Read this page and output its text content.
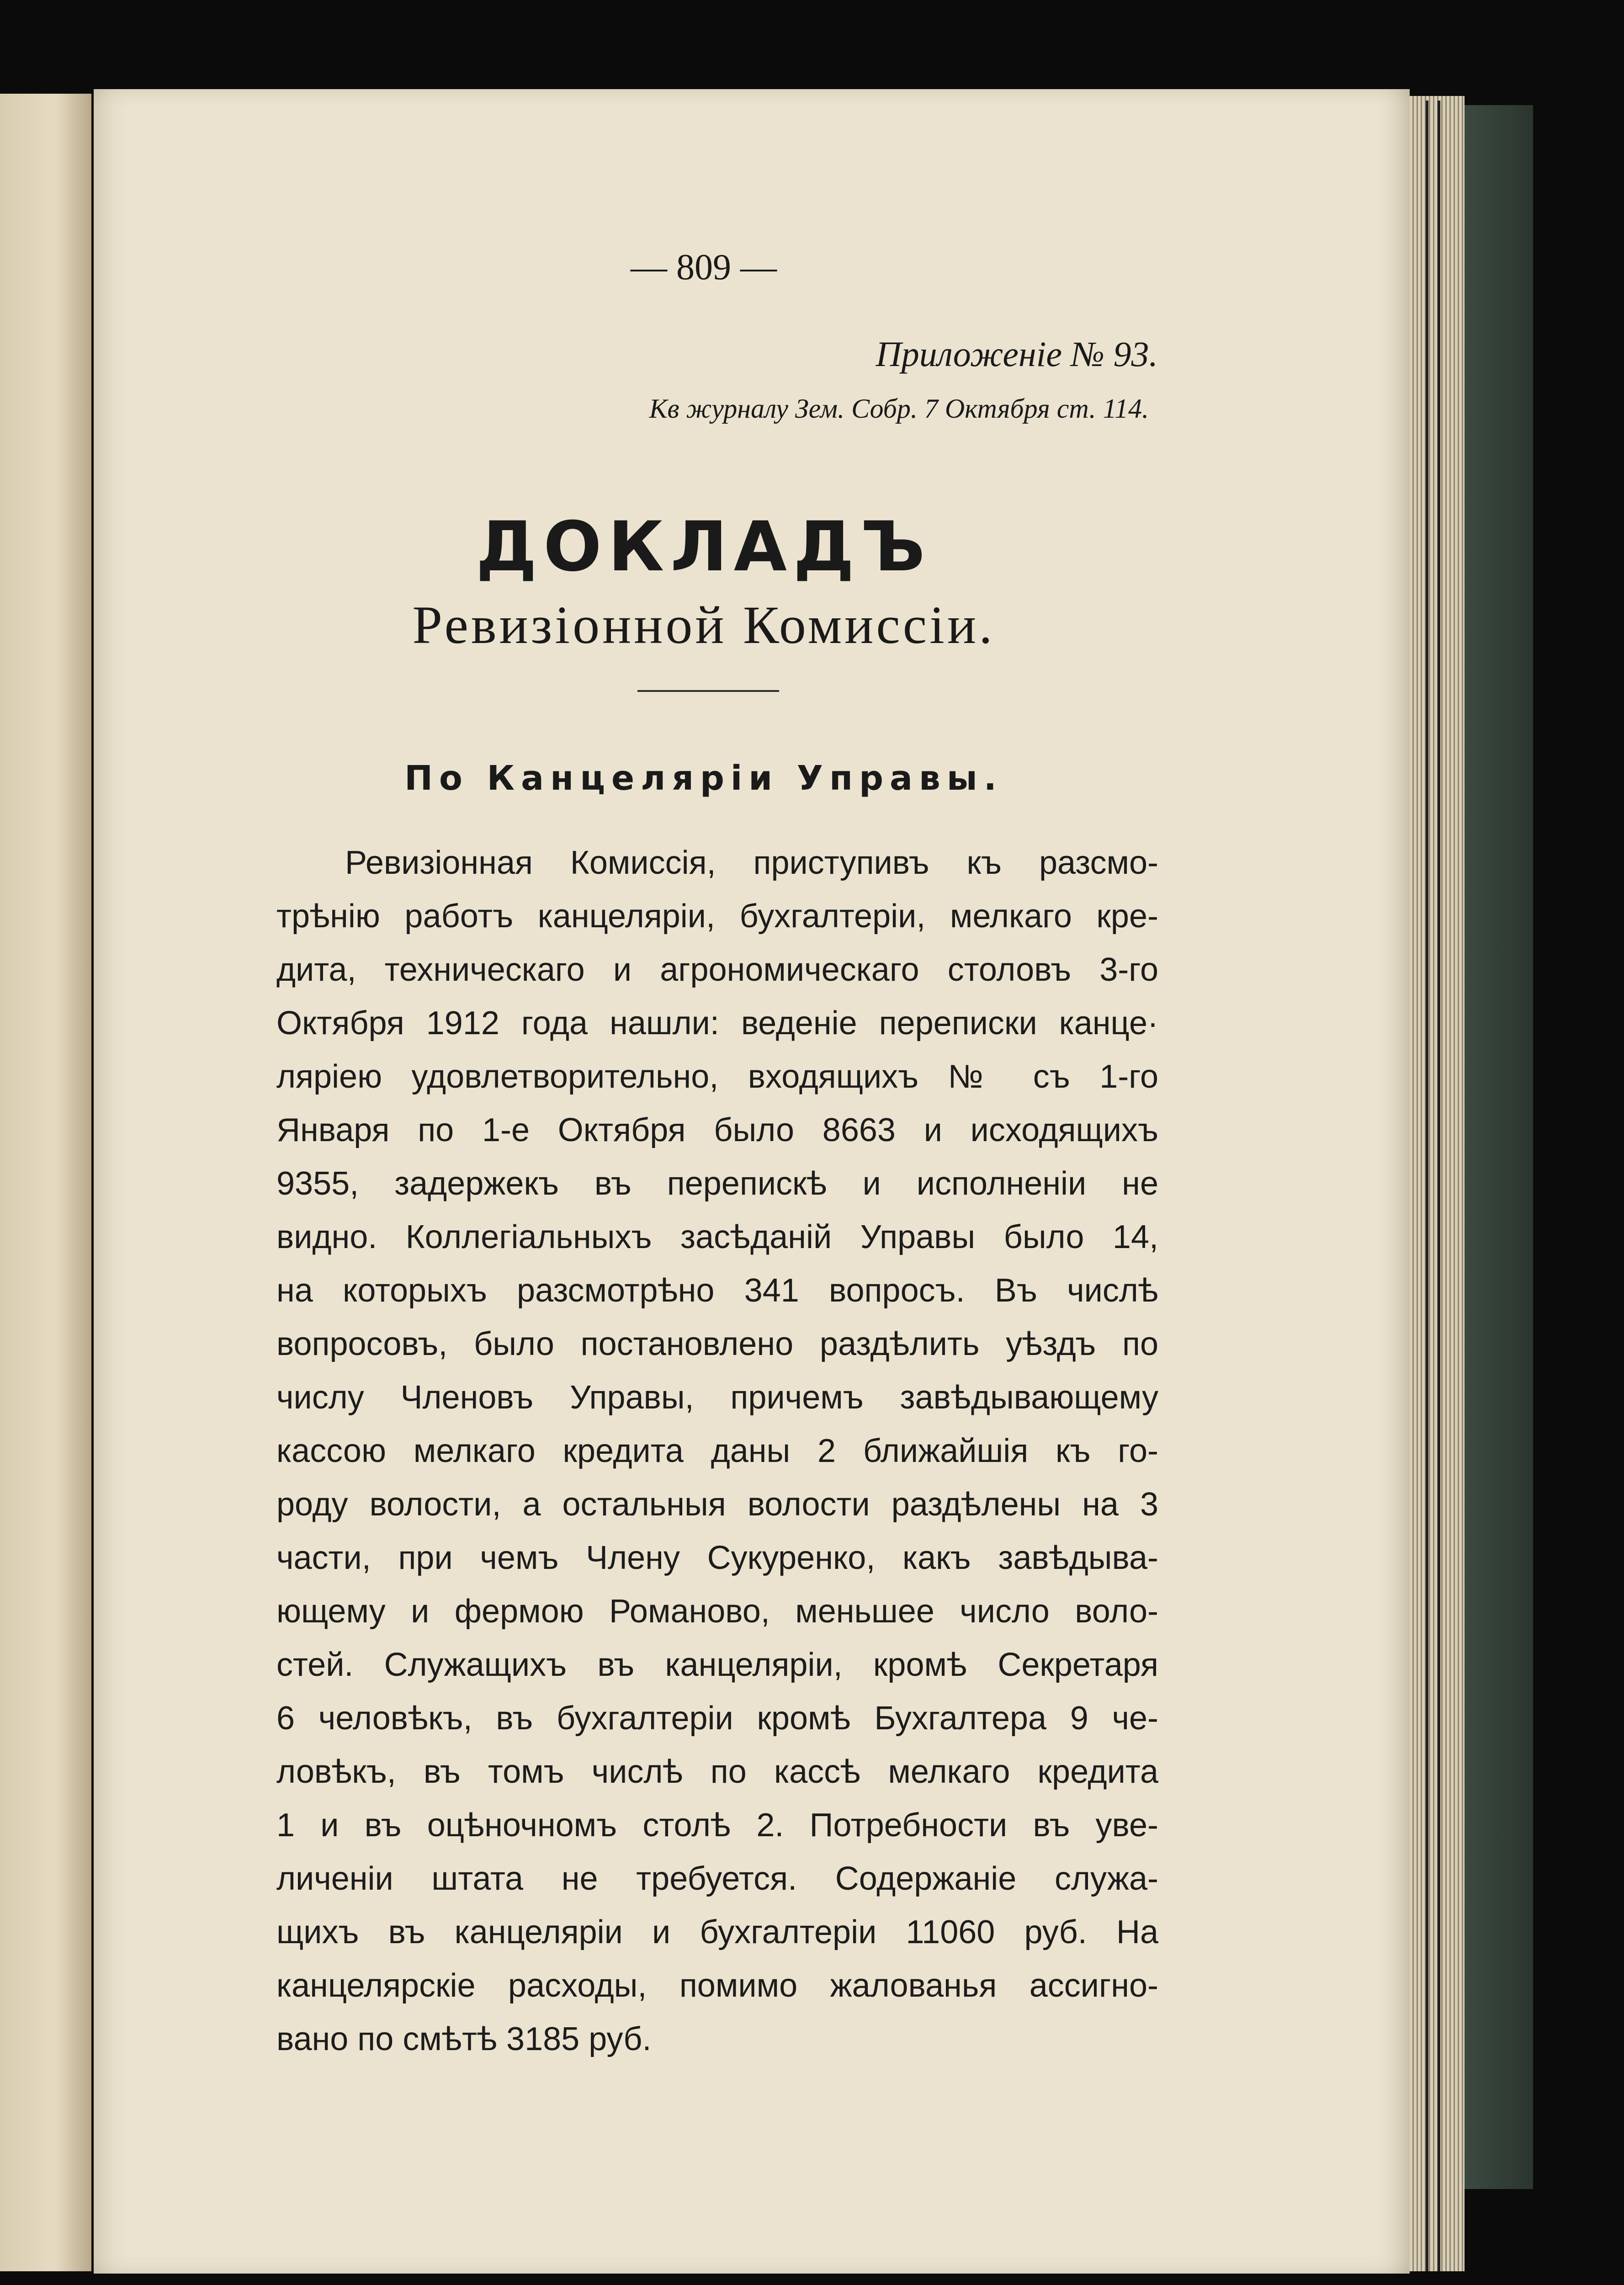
— 809 —
Приложеніе № 93.
Кв журналу Зем. Собр. 7 Октября ст. 114.
ДОКЛАДЪ
Ревизіонной Комиссіи.
По Канцеляріи Управы.
Ревизіонная Комиссія, приступивъ къ разсмо-
трѣнію работъ канцеляріи, бухгалтеріи, мелкаго кре-
дита, техническаго и агрономическаго столовъ 3-го
Октября 1912 года нашли: веденіе переписки канце·
ляріею удовлетворительно, входящихъ № съ 1-го
Января по 1-е Октября было 8663 и исходящихъ
9355, задержекъ въ перепискѣ и исполненіи не
видно. Коллегіальныхъ засѣданій Управы было 14,
на которыхъ разсмотрѣно 341 вопросъ. Въ числѣ
вопросовъ, было постановлено раздѣлить уѣздъ по
числу Членовъ Управы, причемъ завѣдывающему
кассою мелкаго кредита даны 2 ближайшія къ го-
роду волости, а остальныя волости раздѣлены на 3
части, при чемъ Члену Сукуренко, какъ завѣдыва-
ющему и фермою Романово, меньшее число воло-
стей. Служащихъ въ канцеляріи, кромѣ Секретаря
6 человѣкъ, въ бухгалтеріи кромѣ Бухгалтера 9 че-
ловѣкъ, въ томъ числѣ по кассѣ мелкаго кредита
1 и въ оцѣночномъ столѣ 2. Потребности въ уве-
личеніи штата не требуется. Содержаніе служа-
щихъ въ канцеляріи и бухгалтеріи 11060 руб. На
канцелярскіе расходы, помимо жалованья ассигно-
вано по смѣтѣ 3185 руб.
